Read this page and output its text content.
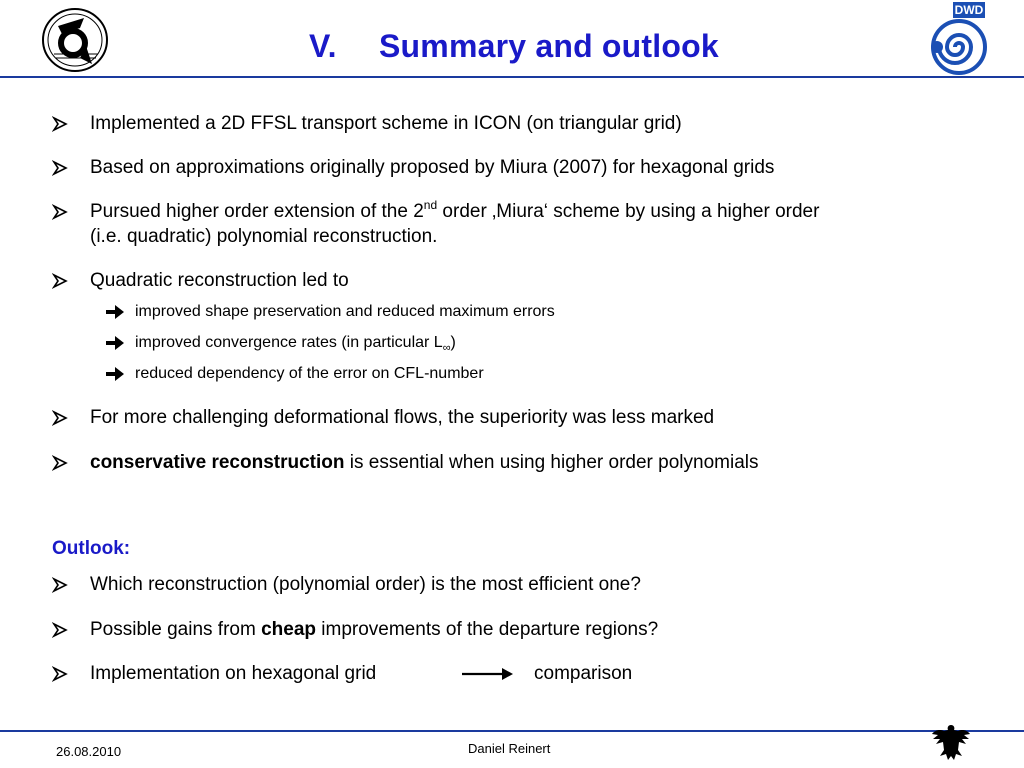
V. Summary and outlook
DWD
Implemented a 2D FFSL transport scheme in ICON (on triangular grid)
Based on approximations originally proposed by Miura (2007) for hexagonal grids
Pursued higher order extension of the 2nd order ‚Miura‘ scheme by using a higher order
(i.e. quadratic) polynomial reconstruction.
Quadratic reconstruction led to
improved shape preservation and reduced maximum errors
improved convergence rates (in particular $L_\infty$)
reduced dependency of the error on CFL-number
For more challenging deformational flows, the superiority was less marked
conservative reconstruction is essential when using higher order polynomials
Outlook:
Which reconstruction (polynomial order) is the most efficient one?
Possible gains from cheap improvements of the departure regions?
Implementation on hexagonal grid	comparison
26.08.2010	Daniel Reinert
